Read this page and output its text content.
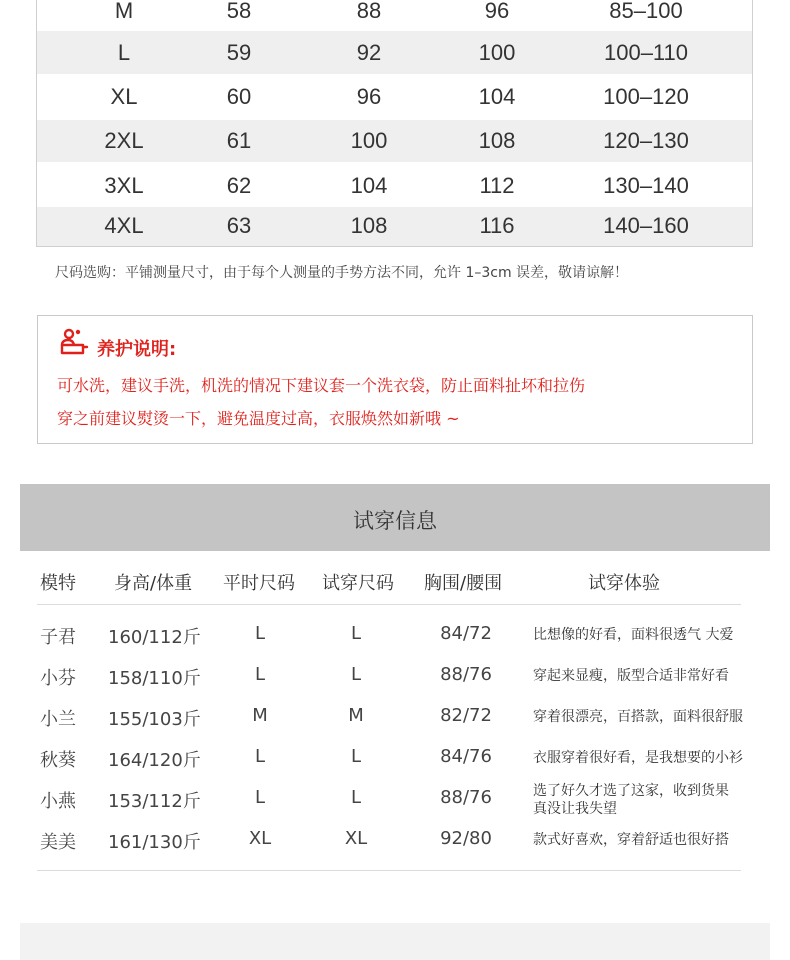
M	58	88	96	85–100
L	59	92	100	100–110
XL	60	96	104	100–120
2XL	61	100	108	120–130
3XL	62	104	112	130–140
4XL	63	108	116	140–160
尺码选购：平铺测量尺寸，由于每个人测量的手势方法不同，允许 1–3cm 误差，敬请谅解！
养护说明:
可水洗，建议手洗，机洗的情况下建议套一个洗衣袋，防止面料扯坏和拉伤
穿之前建议熨烫一下，避免温度过高，衣服焕然如新哦 ~
试穿信息
模特 身高/体重 平时尺码 试穿尺码 胸围/腰围	试穿体验
子君 160/112斤	L	L	84/72	比想像的好看，面料很透气 大爱
小芬 158/110斤	L	L	88/76	穿起来显瘦，版型合适非常好看
小兰 155/103斤	M	M	82/72	穿着很漂亮，百搭款，面料很舒服
秋葵 164/120斤	L	L	84/76	衣服穿着很好看，是我想要的小衫
小燕 153/112斤	L	L	88/76	选了好久才选了这家，收到货果真没让我失望
美美 161/130斤	XL	XL	92/80	款式好喜欢，穿着舒适也很好搭
